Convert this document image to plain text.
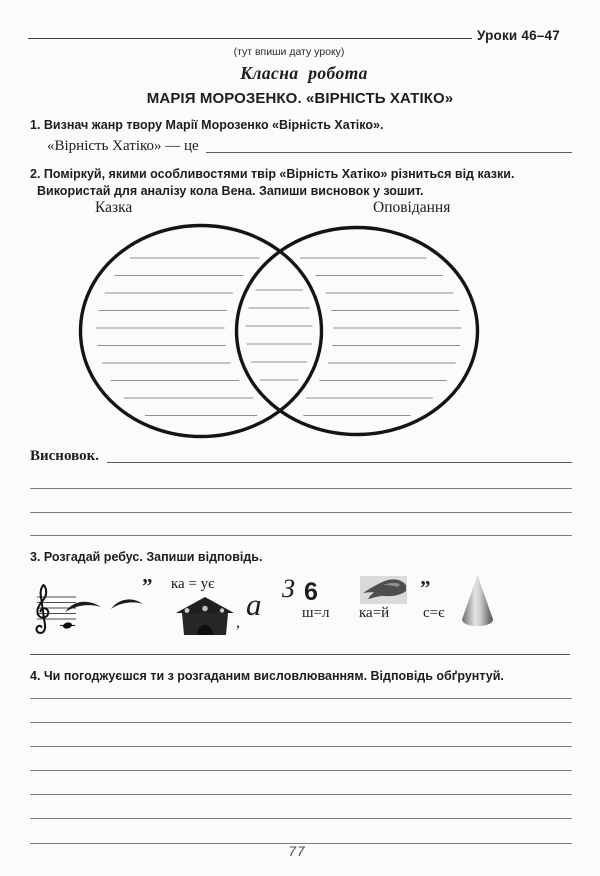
Уроки 46–47
(тут впиши дату уроку)
Класна робота
МАРІЯ МОРОЗЕНКО. «ВІРНІСТЬ ХАТІКО»
1. Визнач жанр твору Марії Морозенко «Вірність Хатіко».
«Вірність Хатіко» — це
2. Поміркуй, якими особливостями твір «Вірність Хатіко» різниться від казки.
Використай для аналізу кола Вена. Запиши висновок у зошит.
Казка	Оповідання
Висновок.
3. Розгадай ребус. Запиши відповідь.
” ка = ує
,
а З 6
ш=л ка=й
”
с=є
4. Чи погоджуєшся ти з розгаданим висловлюванням. Відповідь обґрунтуй.
77
